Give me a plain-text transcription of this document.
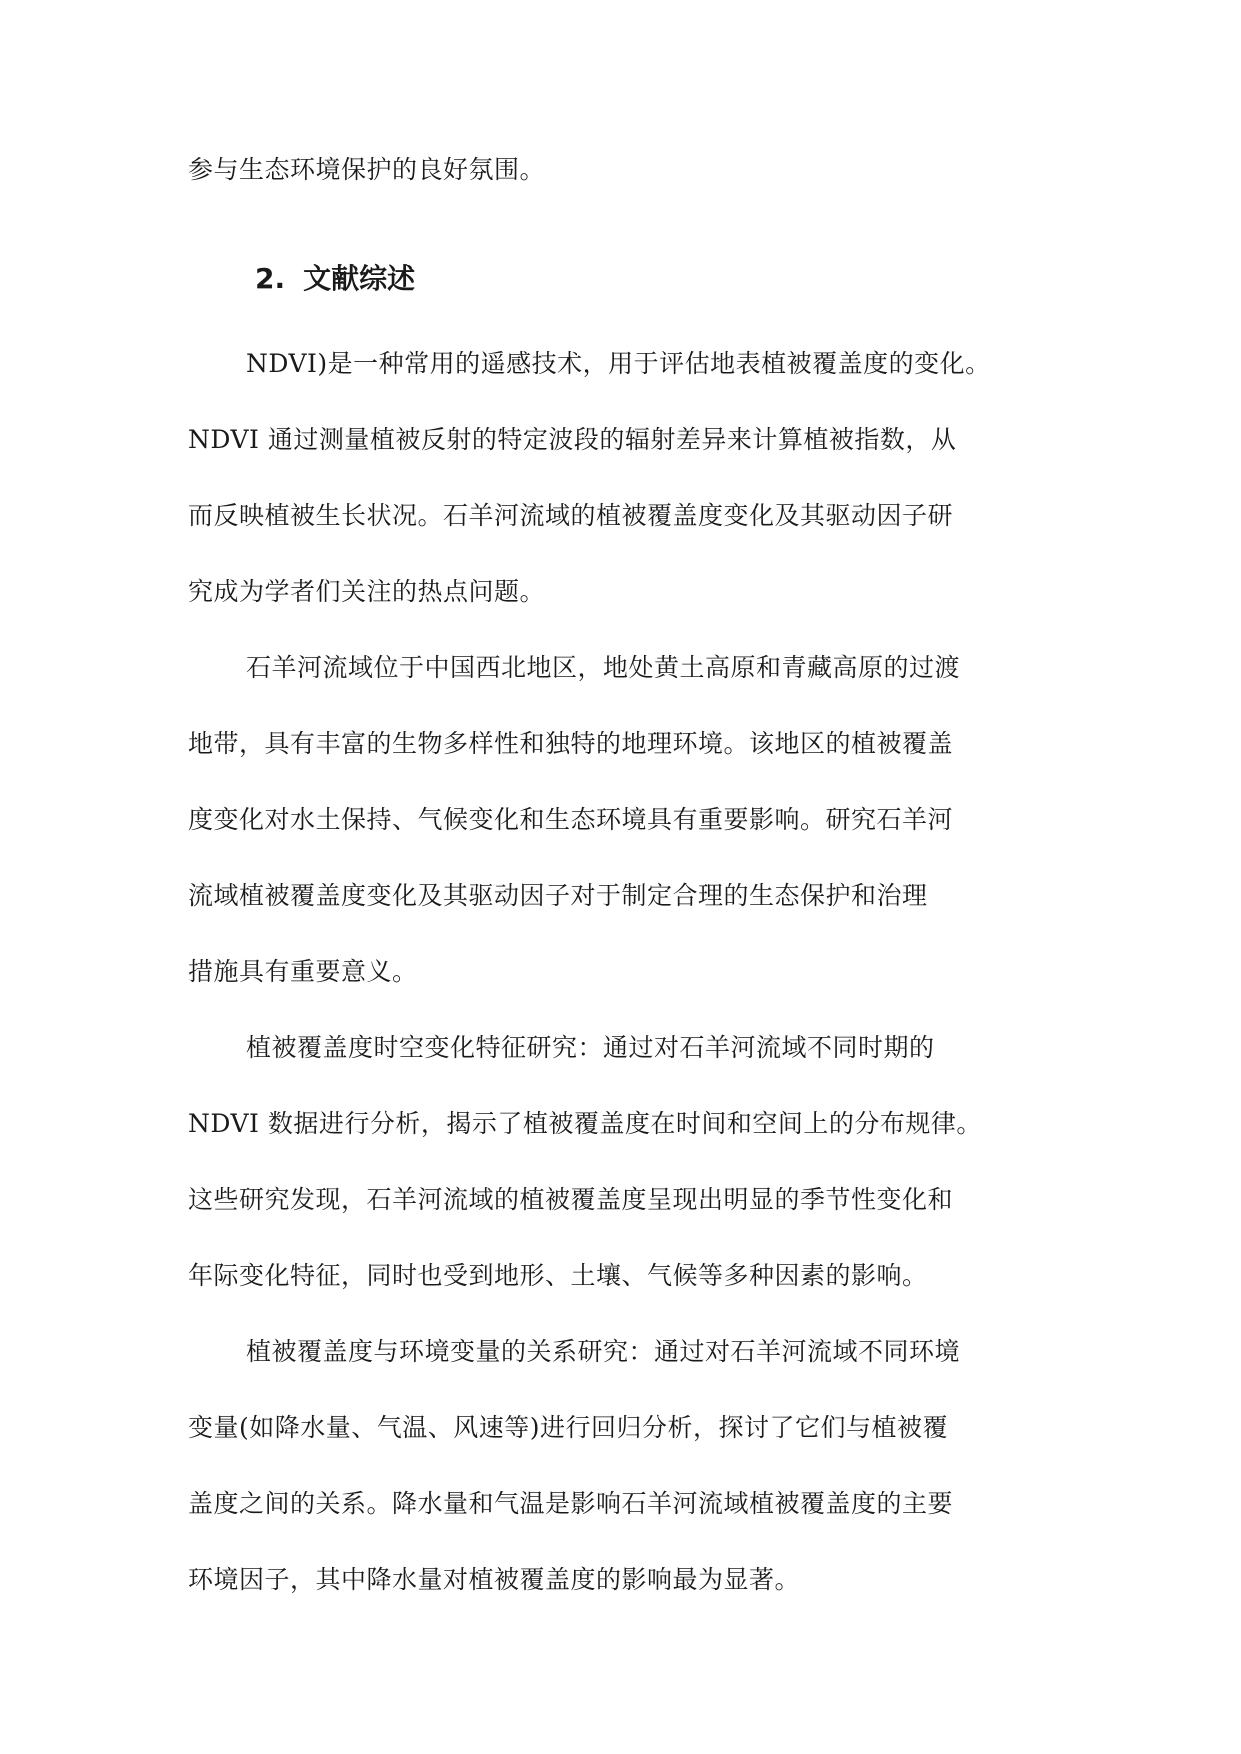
参与生态环境保护的良好氛围。
2. 文献综述
NDVI)是一种常用的遥感技术，用于评估地表植被覆盖度的变化。
NDVI 通过测量植被反射的特定波段的辐射差异来计算植被指数，从
而反映植被生长状况。石羊河流域的植被覆盖度变化及其驱动因子研
究成为学者们关注的热点问题。
石羊河流域位于中国西北地区，地处黄土高原和青藏高原的过渡
地带，具有丰富的生物多样性和独特的地理环境。该地区的植被覆盖
度变化对水土保持、气候变化和生态环境具有重要影响。研究石羊河
流域植被覆盖度变化及其驱动因子对于制定合理的生态保护和治理
措施具有重要意义。
植被覆盖度时空变化特征研究：通过对石羊河流域不同时期的
NDVI 数据进行分析，揭示了植被覆盖度在时间和空间上的分布规律。
这些研究发现，石羊河流域的植被覆盖度呈现出明显的季节性变化和
年际变化特征，同时也受到地形、土壤、气候等多种因素的影响。
植被覆盖度与环境变量的关系研究：通过对石羊河流域不同环境
变量(如降水量、气温、风速等)进行回归分析，探讨了它们与植被覆
盖度之间的关系。降水量和气温是影响石羊河流域植被覆盖度的主要
环境因子，其中降水量对植被覆盖度的影响最为显著。
